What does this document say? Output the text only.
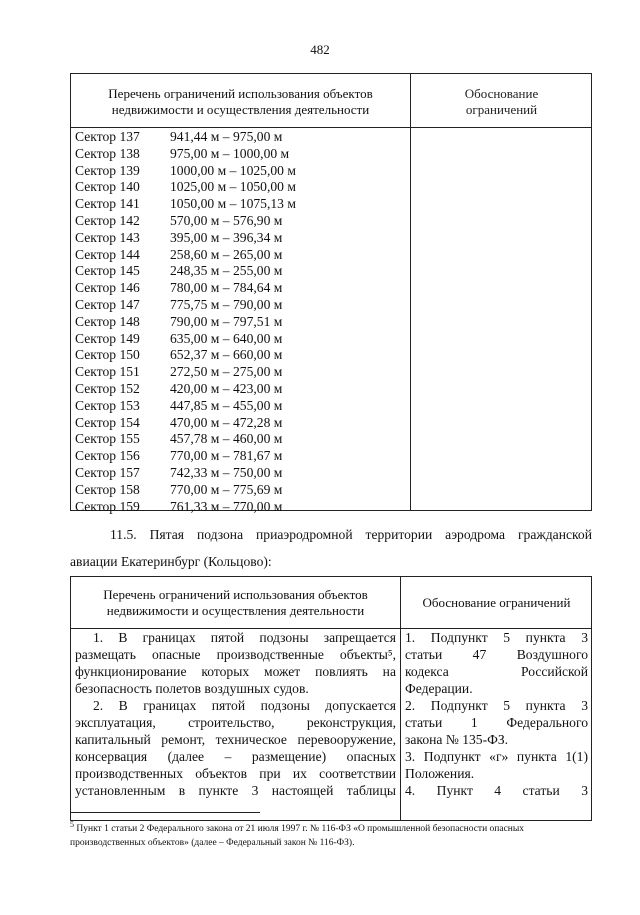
482
Перечень ограничений использования объектов
недвижимости и осуществления деятельности
Обоснование
ограничений
Сектор 137 941,44 м – 975,00 м
Сектор 138 975,00 м – 1000,00 м
Сектор 139 1000,00 м – 1025,00 м
Сектор 140 1025,00 м – 1050,00 м
Сектор 141 1050,00 м – 1075,13 м
Сектор 142 570,00 м – 576,90 м
Сектор 143 395,00 м – 396,34 м
Сектор 144 258,60 м – 265,00 м
Сектор 145 248,35 м – 255,00 м
Сектор 146 780,00 м – 784,64 м
Сектор 147 775,75 м – 790,00 м
Сектор 148 790,00 м – 797,51 м
Сектор 149 635,00 м – 640,00 м
Сектор 150 652,37 м – 660,00 м
Сектор 151 272,50 м – 275,00 м
Сектор 152 420,00 м – 423,00 м
Сектор 153 447,85 м – 455,00 м
Сектор 154 470,00 м – 472,28 м
Сектор 155 457,78 м – 460,00 м
Сектор 156 770,00 м – 781,67 м
Сектор 157 742,33 м – 750,00 м
Сектор 158 770,00 м – 775,69 м
Сектор 159 761,33 м – 770,00 м
11.5. Пятая подзона приаэродромной территории аэродрома гражданской
авиации Екатеринбург (Кольцово):
Перечень ограничений использования объектов
недвижимости и осуществления деятельности
Обоснование ограничений
1. В границах пятой подзоны запрещается
размещать опасные производственные объекты⁵,
функционирование которых может повлиять на
безопасность полетов воздушных судов.
2. В границах пятой подзоны допускается
эксплуатация, строительство, реконструкция,
капитальный ремонт, техническое перевооружение,
консервация (далее – размещение) опасных
производственных объектов при их соответствии
установленным в пункте 3 настоящей таблицы
1. Подпункт 5 пункта 3
статьи 47 Воздушного
кодекса Российской
Федерации.
2. Подпункт 5 пункта 3
статьи 1 Федерального
закона № 135-ФЗ.
3. Подпункт «г» пункта 1(1)
Положения.
4. Пункт 4 статьи 3
$^5$ Пункт 1 статьи 2 Федерального закона от 21 июля 1997 г. № 116-ФЗ «О промышленной безопасности опасных
производственных объектов» (далее – Федеральный закон № 116-ФЗ).
